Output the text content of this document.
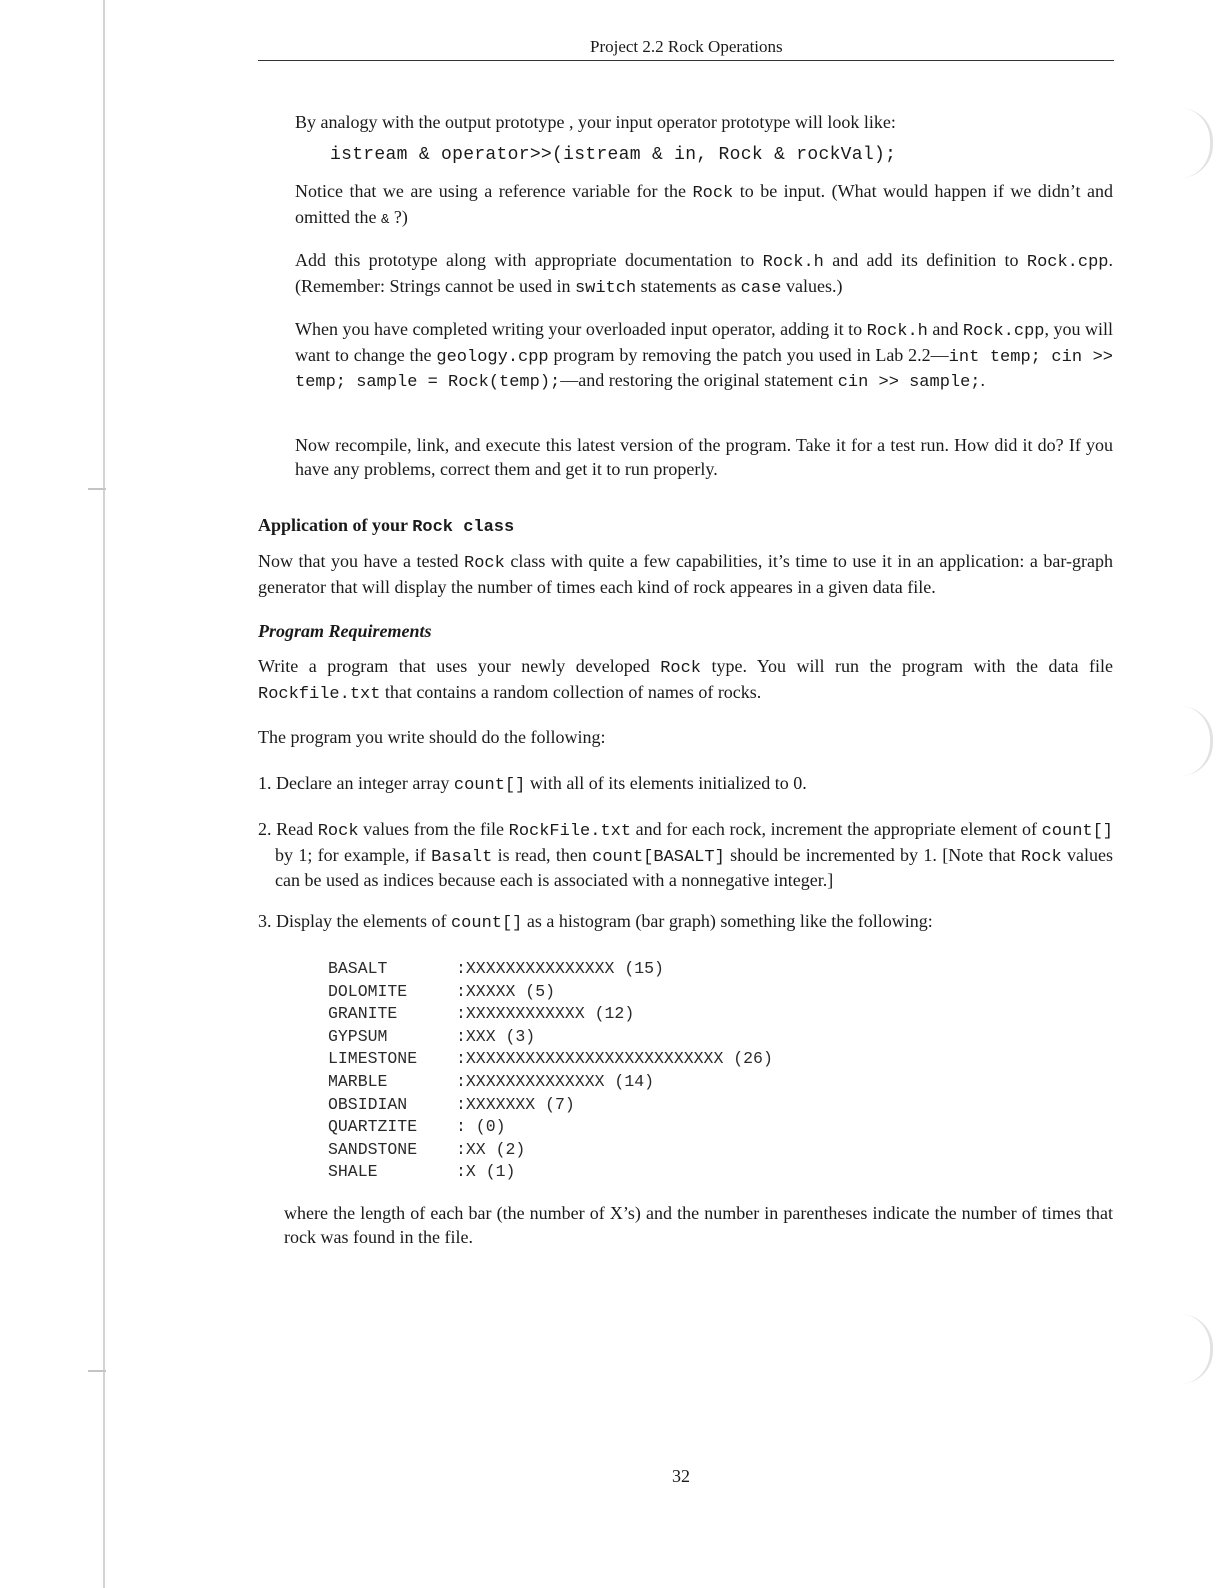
Project 2.2 Rock Operations
By analogy with the output prototype , your input operator prototype will look like:
istream & operator>>(istream & in, Rock & rockVal);
Notice that we are using a reference variable for the Rock to be input. (What would happen if we didn’t and omitted the & ?)
Add this prototype along with appropriate documentation to Rock.h and add its definition to Rock.cpp. (Remember: Strings cannot be used in switch statements as case values.)
When you have completed writing your overloaded input operator, adding it to Rock.h and Rock.cpp, you will want to change the geology.cpp program by removing the patch you used in Lab 2.2—int temp; cin >> temp; sample = Rock(temp);—and restoring the original statement cin >> sample;.
Now recompile, link, and execute this latest version of the program. Take it for a test run. How did it do? If you have any problems, correct them and get it to run properly.
Application of your Rock class
Now that you have a tested Rock class with quite a few capabilities, it’s time to use it in an application: a bar-graph generator that will display the number of times each kind of rock appeares in a given data file.
Program Requirements
Write a program that uses your newly developed Rock type. You will run the program with the data file Rockfile.txt that contains a random collection of names of rocks.
The program you write should do the following:
1. Declare an integer array count[] with all of its elements initialized to 0.
2. Read Rock values from the file RockFile.txt and for each rock, increment the appropriate element of count[] by 1; for example, if Basalt is read, then count[BASALT] should be incremented by 1. [Note that Rock values can be used as indices because each is associated with a nonnegative integer.]
3. Display the elements of count[] as a histogram (bar graph) something like the following:
BASALT	:XXXXXXXXXXXXXXX (15)
DOLOMITE	:XXXXX (5)
GRANITE	:XXXXXXXXXXXX (12)
GYPSUM	:XXX (3)
LIMESTONE	:XXXXXXXXXXXXXXXXXXXXXXXXXX (26)
MARBLE	:XXXXXXXXXXXXXX (14)
OBSIDIAN	:XXXXXXX (7)
QUARTZITE	: (0)
SANDSTONE	:XX (2)
SHALE	:X (1)
where the length of each bar (the number of X’s) and the number in parentheses indicate the number of times that rock was found in the file.
32
